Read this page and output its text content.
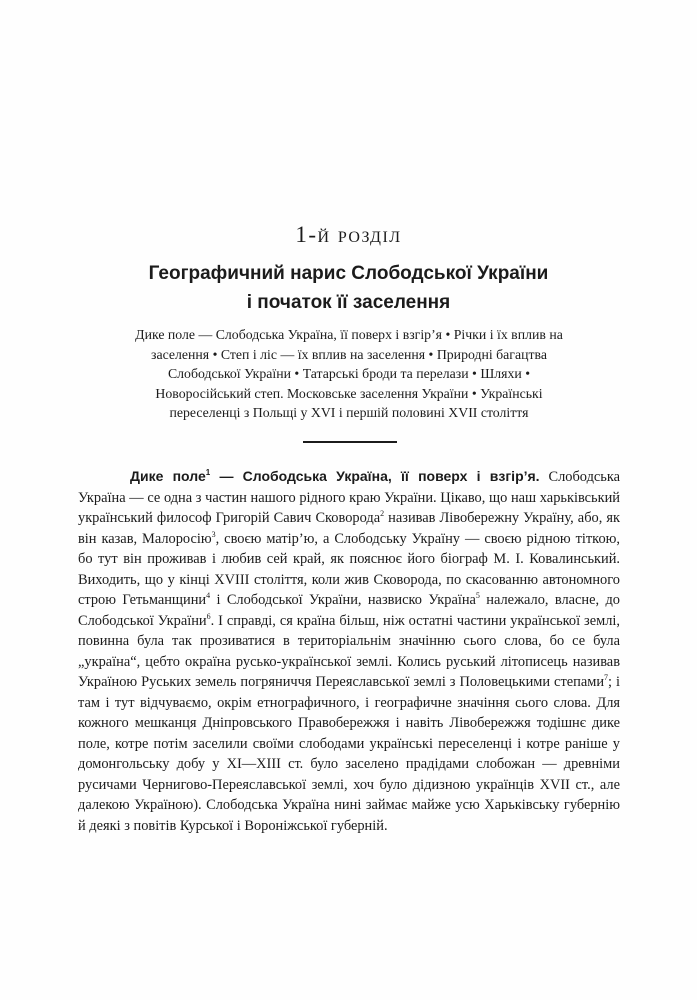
1-й розділ
Географичний нарис Слободської України
і початок її заселення
Дике поле — Слободська Україна, її поверх і взгір’я • Річки і їх вплив на заселення • Степ і ліс — їх вплив на заселення • Природні багацтва Слободської України • Татарські броди та перелази • Шляхи • Новоросійський степ. Московське заселення України • Українські переселенці з Польщі у XVI і першій половині XVII століття

Дике поле$^1$ — Слободська Україна, її поверх і взгір’я. Слободська Україна — се одна з частин нашого рідного краю України. Цікаво, що наш харьківський український философ Григорій Савич Сковорода$^2$ називав Лівобережну Україну, або, як він казав, Малоросію$^3$, своєю матір’ю, а Слободську Україну — своєю рідною тіткою, бо тут він проживав і любив сей край, як пояснює його біограф М. І. Ковалинський. Виходить, що у кінці XVIII століття, коли жив Сковорода, по скасованню автономного строю Гетьманщини$^4$ і Слободської України, назвиско Україна$^5$ належало, власне, до Слободської України$^6$. І справді, ся країна більш, ніж остатні частини української землі, повинна була так прозиватися в територіальнім значінню сього слова, бо се була „україна“, цебто окраїна русько-української землі. Колись руський літописець називав Україною Руських земель погряниччя Переяславської землі з Половецькими степами$^7$; і там і тут відчуваємо, окрім етнографичного, і географичне значіння сього слова. Для кожного мешканця Дніпровського Правобережжя і навіть Лівобережжя тодішнє дике поле, котре потім заселили своїми слободами українські переселенці і котре раніше у домонгольську добу у XI—XIII ст. було заселено прадідами слобожан — древніми русичами Чернигово-Переяславської землі, хоч було дідизною українців XVII ст., але далекою Україною). Слободська Україна нині займає майже усю Харьківську губернію й деякі з повітів Курської і Вороніжської губерній.
